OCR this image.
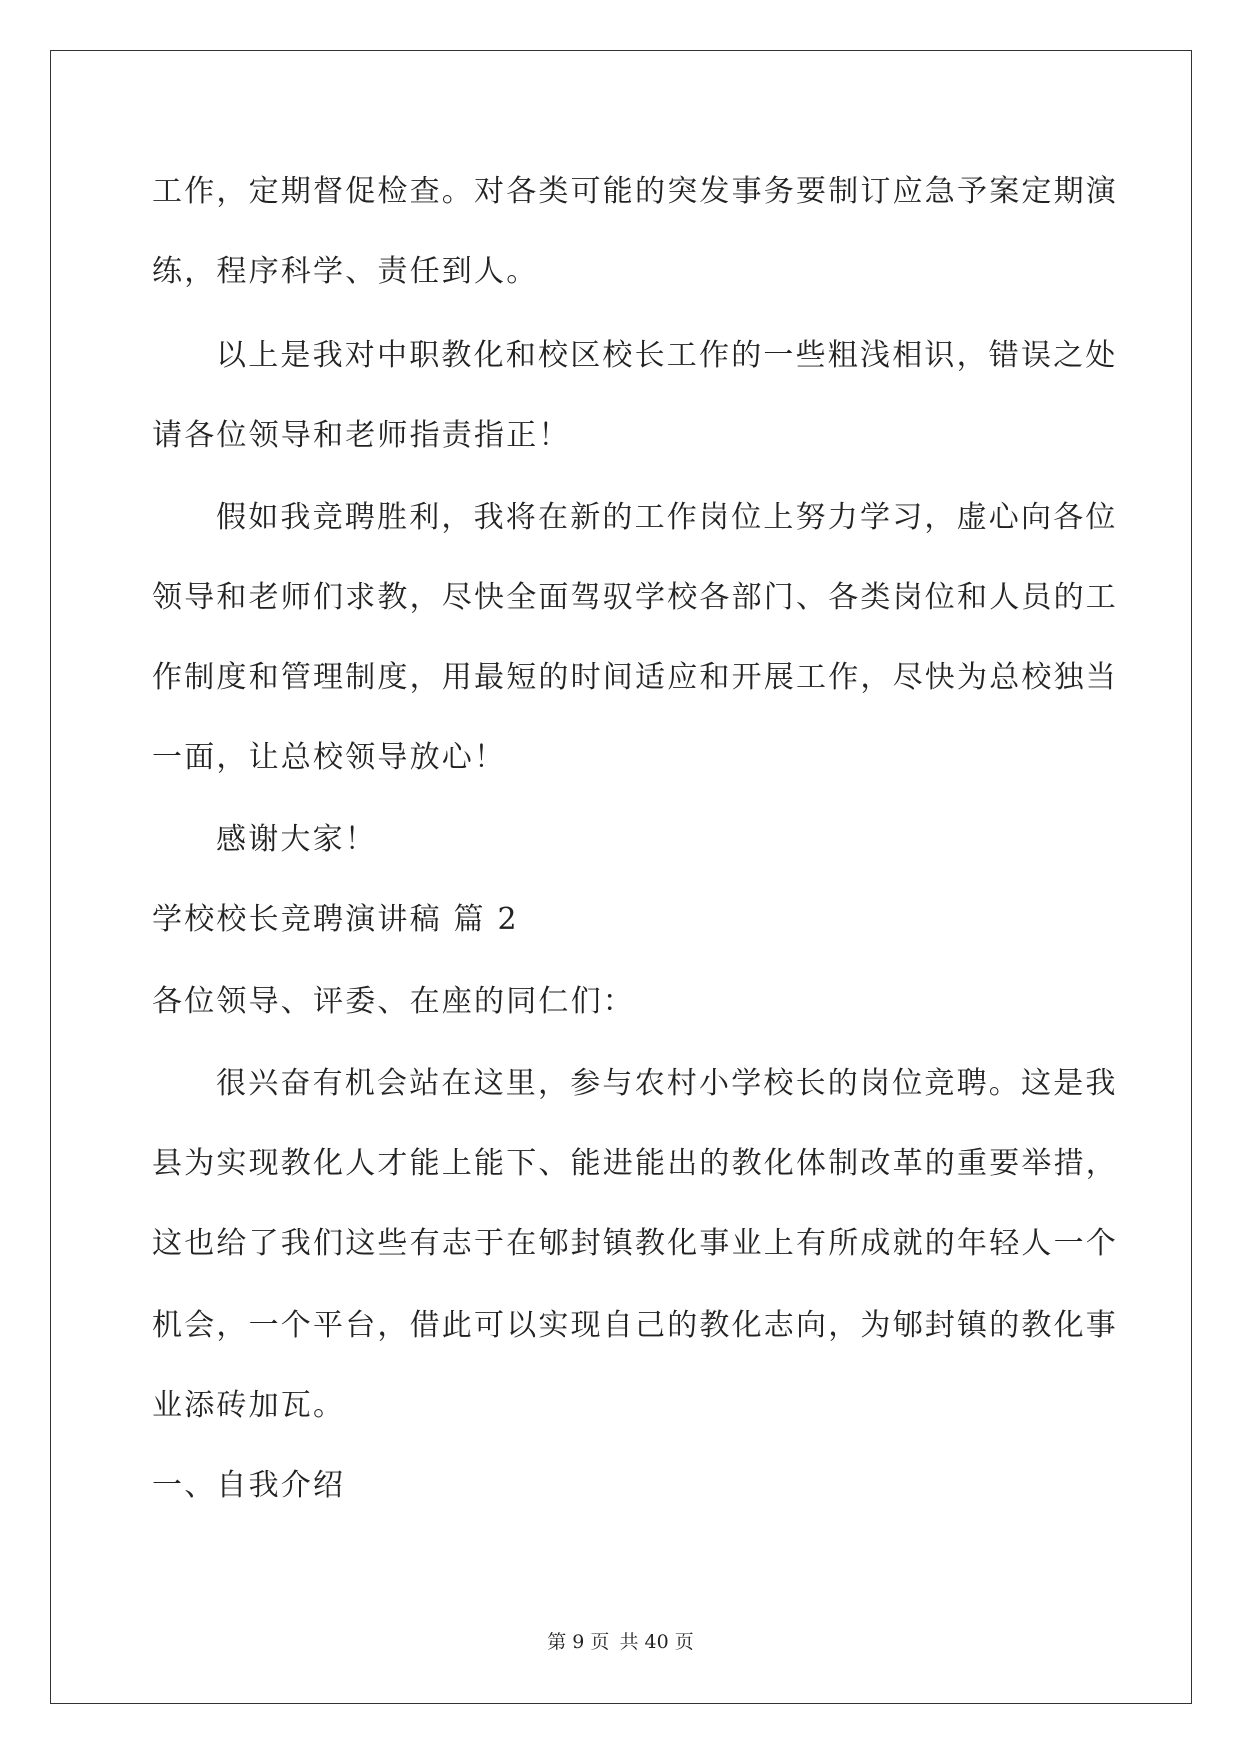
工作，定期督促检查。对各类可能的突发事务要制订应急予案定期演

练，程序科学、责任到人。

以上是我对中职教化和校区校长工作的一些粗浅相识，错误之处

请各位领导和老师指责指正！

假如我竞聘胜利，我将在新的工作岗位上努力学习，虚心向各位

领导和老师们求教，尽快全面驾驭学校各部门、各类岗位和人员的工

作制度和管理制度，用最短的时间适应和开展工作，尽快为总校独当

一面，让总校领导放心！

感谢大家！

学校校长竞聘演讲稿 篇 2

各位领导、评委、在座的同仁们：

很兴奋有机会站在这里，参与农村小学校长的岗位竞聘。这是我

县为实现教化人才能上能下、能进能出的教化体制改革的重要举措，

这也给了我们这些有志于在郇封镇教化事业上有所成就的年轻人一个

机会，一个平台，借此可以实现自己的教化志向，为郇封镇的教化事

业添砖加瓦。

一、自我介绍

第 9 页 共 40 页
